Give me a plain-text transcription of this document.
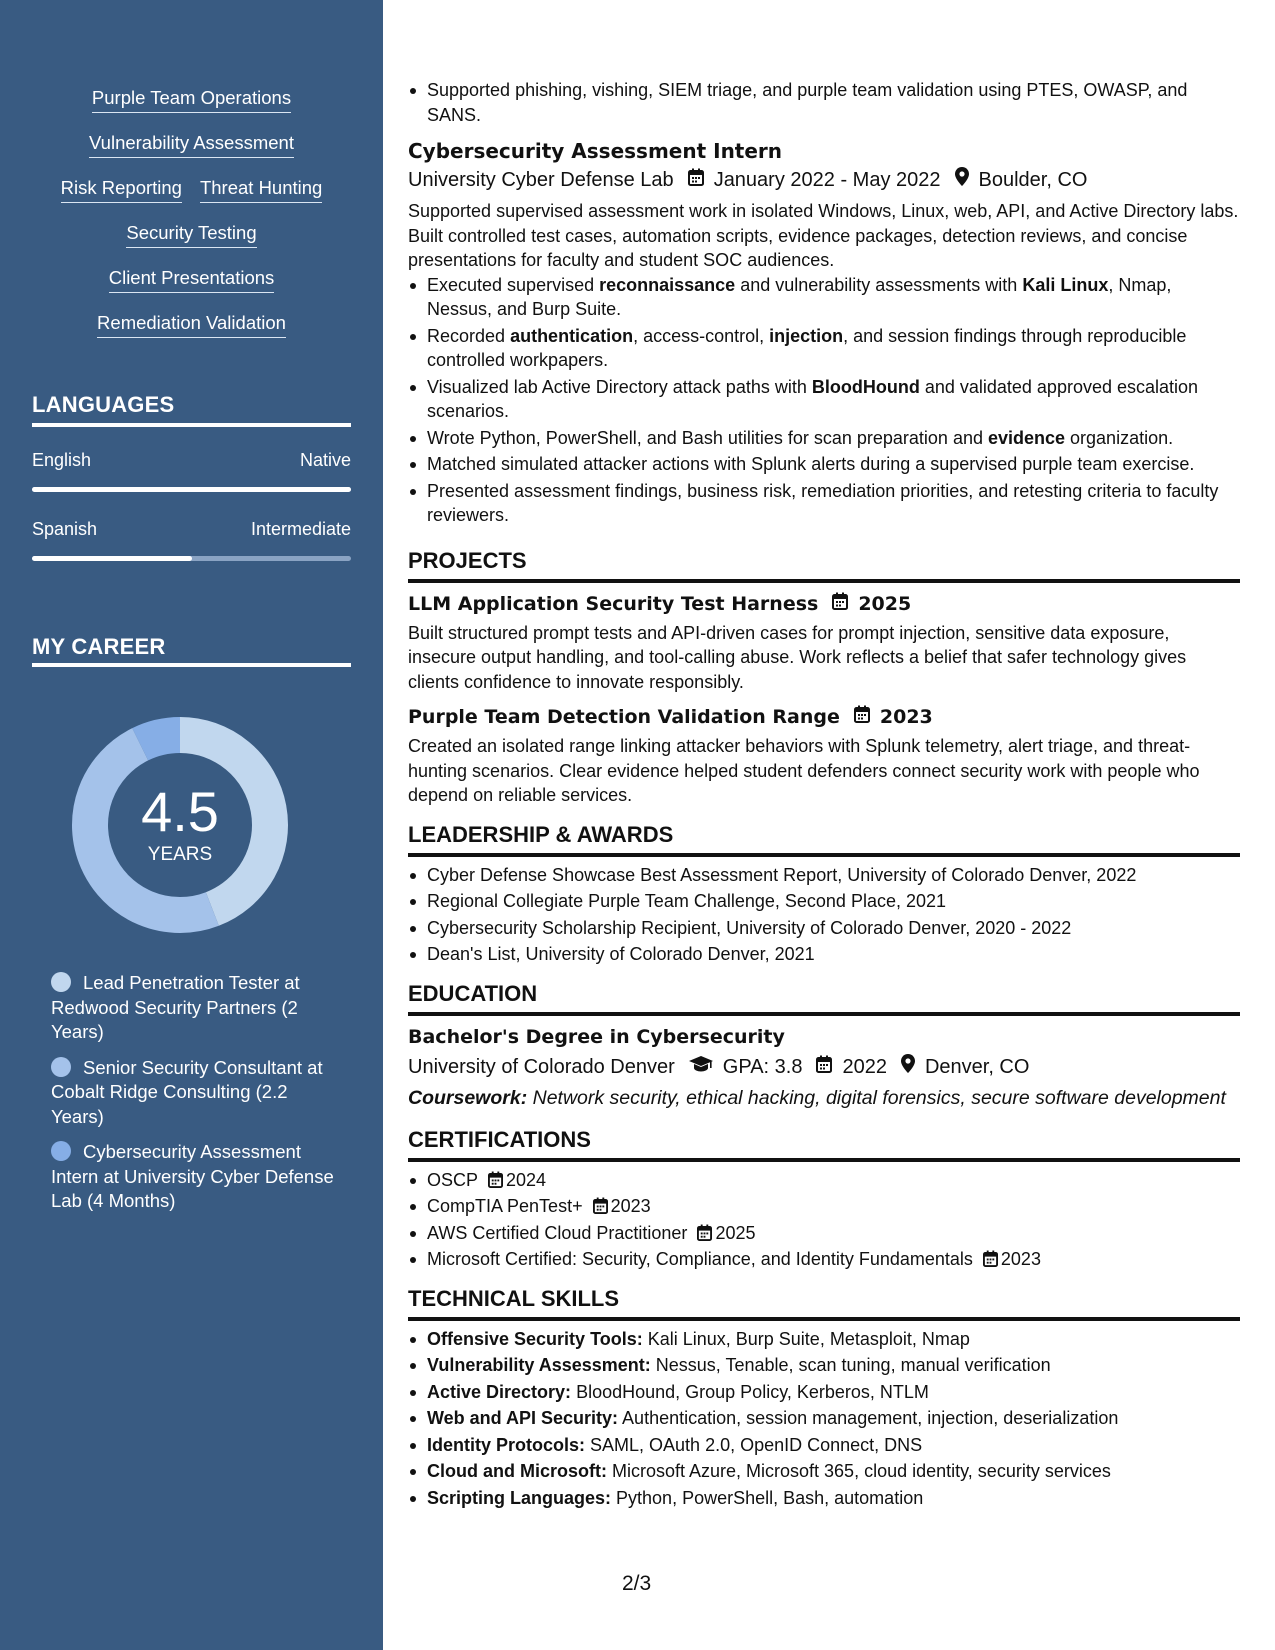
Purple Team Operations
Vulnerability Assessment
Risk Reporting Threat Hunting
Security Testing
Client Presentations
Remediation Validation
LANGUAGES
English	Native
Spanish	Intermediate
MY CAREER
4.5
YEARS
Lead Penetration Tester at Redwood Security Partners (2 Years)
Senior Security Consultant at Cobalt Ridge Consulting (2.2 Years)
Cybersecurity Assessment Intern at University Cyber Defense Lab (4 Months)
Supported phishing, vishing, SIEM triage, and purple team validation using PTES, OWASP, and SANS.
Cybersecurity Assessment Intern
University Cyber Defense Lab January 2022 - May 2022 Boulder, CO
Supported supervised assessment work in isolated Windows, Linux, web, API, and Active Directory labs. Built controlled test cases, automation scripts, evidence packages, detection reviews, and concise presentations for faculty and student SOC audiences.
Executed supervised reconnaissance and vulnerability assessments with Kali Linux, Nmap, Nessus, and Burp Suite.
Recorded authentication, access-control, injection, and session findings through reproducible controlled workpapers.
Visualized lab Active Directory attack paths with BloodHound and validated approved escalation scenarios.
Wrote Python, PowerShell, and Bash utilities for scan preparation and evidence organization.
Matched simulated attacker actions with Splunk alerts during a supervised purple team exercise.
Presented assessment findings, business risk, remediation priorities, and retesting criteria to faculty reviewers.
PROJECTS
LLM Application Security Test Harness 2025
Built structured prompt tests and API-driven cases for prompt injection, sensitive data exposure, insecure output handling, and tool-calling abuse. Work reflects a belief that safer technology gives clients confidence to innovate responsibly.
Purple Team Detection Validation Range 2023
Created an isolated range linking attacker behaviors with Splunk telemetry, alert triage, and threat-hunting scenarios. Clear evidence helped student defenders connect security work with people who depend on reliable services.
LEADERSHIP & AWARDS
Cyber Defense Showcase Best Assessment Report, University of Colorado Denver, 2022
Regional Collegiate Purple Team Challenge, Second Place, 2021
Cybersecurity Scholarship Recipient, University of Colorado Denver, 2020 - 2022
Dean's List, University of Colorado Denver, 2021
EDUCATION
Bachelor's Degree in Cybersecurity
University of Colorado Denver GPA: 3.8 2022 Denver, CO
Coursework: Network security, ethical hacking, digital forensics, secure software development
CERTIFICATIONS
OSCP 2024
CompTIA PenTest+ 2023
AWS Certified Cloud Practitioner 2025
Microsoft Certified: Security, Compliance, and Identity Fundamentals 2023
TECHNICAL SKILLS
Offensive Security Tools: Kali Linux, Burp Suite, Metasploit, Nmap
Vulnerability Assessment: Nessus, Tenable, scan tuning, manual verification
Active Directory: BloodHound, Group Policy, Kerberos, NTLM
Web and API Security: Authentication, session management, injection, deserialization
Identity Protocols: SAML, OAuth 2.0, OpenID Connect, DNS
Cloud and Microsoft: Microsoft Azure, Microsoft 365, cloud identity, security services
Scripting Languages: Python, PowerShell, Bash, automation
2/3
